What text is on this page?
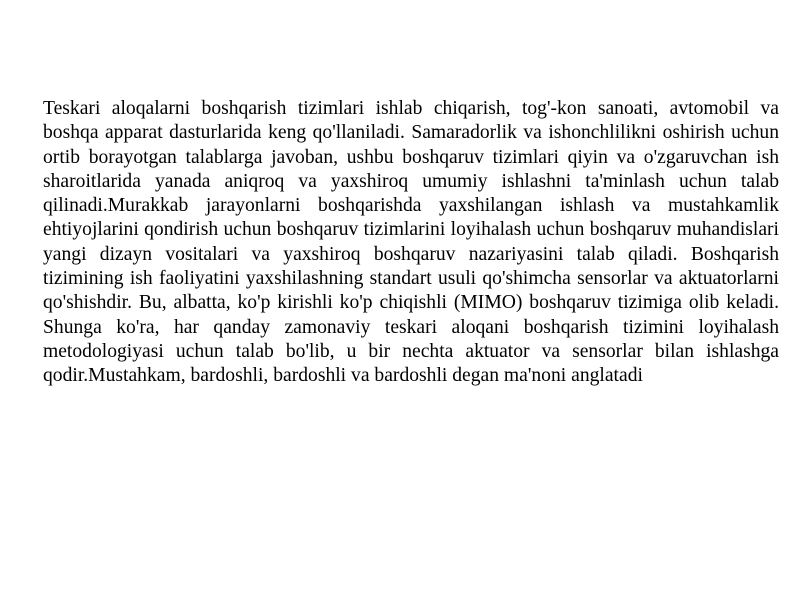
Teskari aloqalarni boshqarish tizimlari ishlab chiqarish, tog'-kon sanoati, avtomobil va boshqa apparat dasturlarida keng qo'llaniladi. Samaradorlik va ishonchlilikni oshirish uchun ortib borayotgan talablarga javoban, ushbu boshqaruv tizimlari qiyin va o'zgaruvchan ish sharoitlarida yanada aniqroq va yaxshiroq umumiy ishlashni ta'minlash uchun talab qilinadi.Murakkab jarayonlarni boshqarishda yaxshilangan ishlash va mustahkamlik ehtiyojlarini qondirish uchun boshqaruv tizimlarini loyihalash uchun boshqaruv muhandislari yangi dizayn vositalari va yaxshiroq boshqaruv nazariyasini talab qiladi. Boshqarish tizimining ish faoliyatini yaxshilashning standart usuli qo'shimcha sensorlar va aktuatorlarni qo'shishdir. Bu, albatta, ko'p kirishli ko'p chiqishli (MIMO) boshqaruv tizimiga olib keladi. Shunga ko'ra, har qanday zamonaviy teskari aloqani boshqarish tizimini loyihalash metodologiyasi uchun talab bo'lib, u bir nechta aktuator va sensorlar bilan ishlashga qodir.Mustahkam, bardoshli, bardoshli va bardoshli degan ma'noni anglatadi
